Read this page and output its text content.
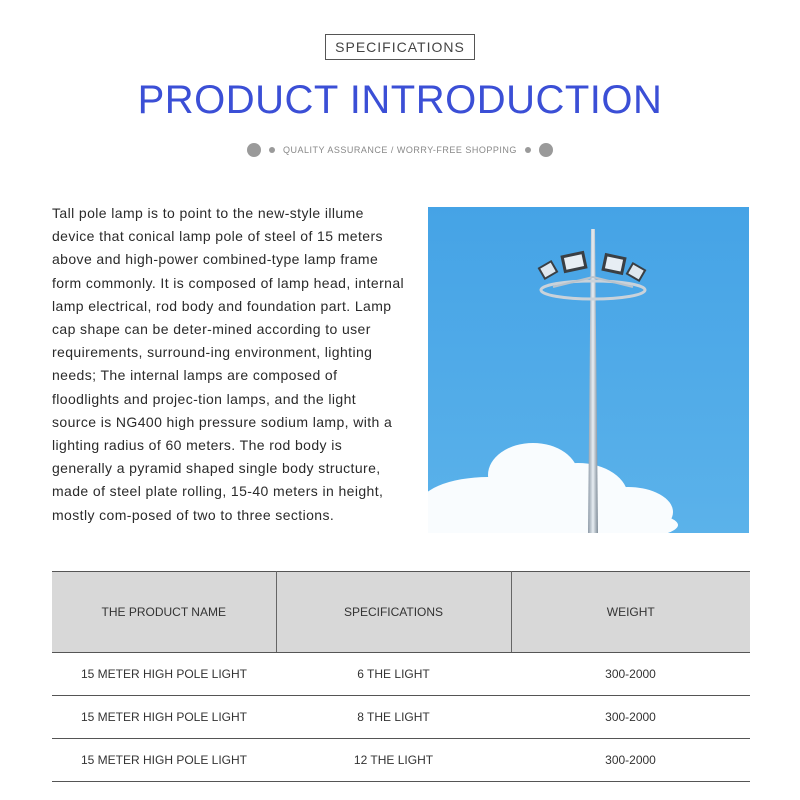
SPECIFICATIONS
PRODUCT INTRODUCTION
QUALITY ASSURANCE / WORRY-FREE SHOPPING

Tall pole lamp is to point to the new-style illume device that conical lamp pole of steel of 15 meters above and high-power combined-type lamp frame form commonly. It is composed of lamp head, internal lamp electrical, rod body and foundation part. Lamp cap shape can be deter-mined according to user requirements, surround-ing environment, lighting needs; The internal lamps are composed of floodlights and projec-tion lamps, and the light source is NG400 high pressure sodium lamp, with a lighting radius of 60 meters. The rod body is generally a pyramid shaped single body structure, made of steel plate rolling, 15-40 meters in height, mostly com-posed of two to three sections.

THE PRODUCT NAME	SPECIFICATIONS	WEIGHT
15 METER HIGH POLE LIGHT	6 THE LIGHT	300-2000
15 METER HIGH POLE LIGHT	8 THE LIGHT	300-2000
15 METER HIGH POLE LIGHT	12 THE LIGHT	300-2000
